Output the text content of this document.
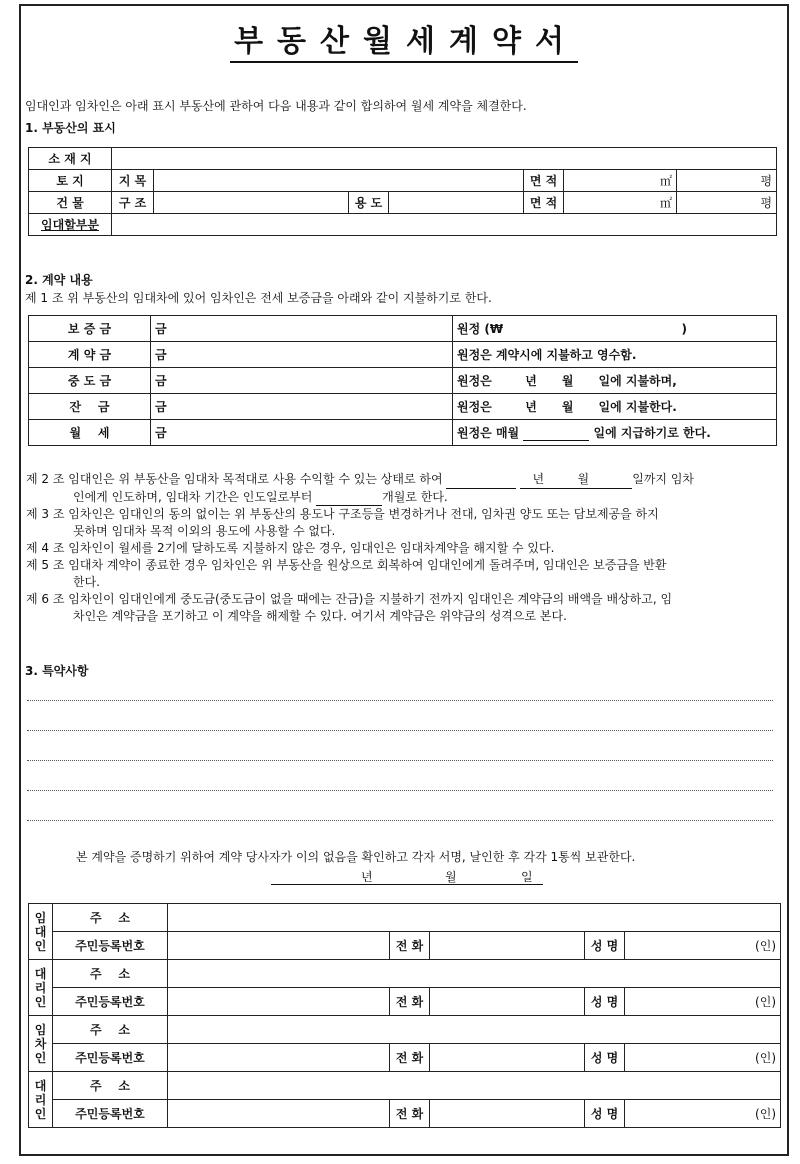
부동산월세계약서
임대인과 임차인은 아래 표시 부동산에 관하여 다음 내용과 같이 합의하여 월세 계약을 체결한다.
1. 부동산의 표시
소 재 지							
토 지	지 목				면 적	㎡	평
건 물	구 조		용 도		면 적	㎡	평
임대할부분							
2. 계약 내용
제 1 조 위 부동산의 임대차에 있어 임차인은 전세 보증금을 아래와 같이 지불하기로 한다.
보 증 금	금	원정 (₩ )
계 약 금	금	원정은 계약시에 지불하고 영수함.
중 도 금	금	원정은        년      월      일에 지불하며,
잔    금	금	원정은        년      월      일에 지불한다.
월    세	금	원정은 매월 일에 지급하기로 한다.
제 2 조 임대인은 위 부동산을 임대차 목적대로 사용 수익할 수 있는 상태로 하여	년	월	일까지 임차
인에게 인도하며, 임대차 기간은 인도일로부터	개월로 한다.
제 3 조 임차인은 임대인의 동의 없이는 위 부동산의 용도나 구조등을 변경하거나 전대, 임차권 양도 또는 담보제공을 하지
못하며 임대차 목적 이외의 용도에 사용할 수 없다.
제 4 조 임차인이 월세를 2기에 달하도록 지불하지 않은 경우, 임대인은 임대차계약을 해지할 수 있다.
제 5 조 임대차 계약이 종료한 경우 임차인은 위 부동산을 원상으로 회복하여 임대인에게 돌려주며, 임대인은 보증금을 반환
한다.
제 6 조 임차인이 임대인에게 중도금(중도금이 없을 때에는 잔금)을 지불하기 전까지 임대인은 계약금의 배액을 배상하고, 임
차인은 계약금을 포기하고 이 계약을 해제할 수 있다. 여기서 계약금은 위약금의 성격으로 본다.
3. 특약사항
본 계약을 증명하기 위하여 계약 당사자가 이의 없음을 확인하고 각자 서명, 날인한 후 각각 1통씩 보관한다.
년	월	일
임
대
인	주    소					
	주민등록번호		전 화		성 명	(인)
대
리
인	주    소					
	주민등록번호		전 화		성 명	(인)
임
차
인	주    소					
	주민등록번호		전 화		성 명	(인)
대
리
인	주    소					
	주민등록번호		전 화		성 명	(인)
